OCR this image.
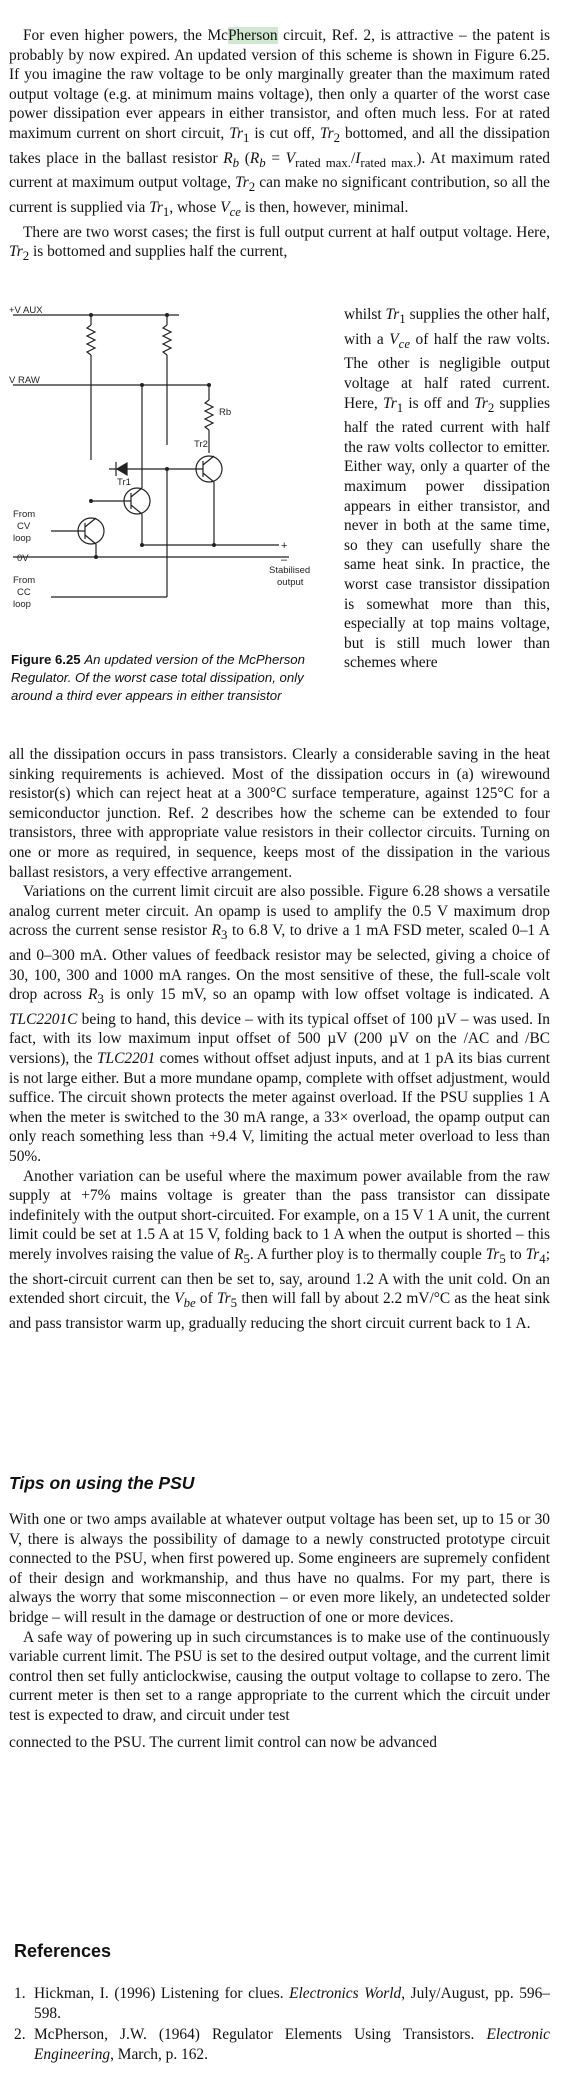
For even higher powers, the McPherson circuit, Ref. 2, is attractive – the patent is probably by now expired. An updated version of this scheme is shown in Figure 6.25. If you imagine the raw voltage to be only marginally greater than the maximum rated output voltage (e.g. at minimum mains voltage), then only a quarter of the worst case power dissipation ever appears in either transistor, and often much less. For at rated maximum current on short circuit, $Tr_1$ is cut off, $Tr_2$ bottomed, and all the dissipation takes place in the ballast resistor $R_b$ $(R_b = V_{rated max.}/I_{rated max.})$. At maximum rated current at maximum output voltage, $Tr_2$ can make no significant contribution, so all the current is supplied via $Tr_1$, whose $V_{ce}$ is then, however, minimal.

There are two worst cases; the first is full output current at half output voltage. Here, $Tr_2$ is bottomed and supplies half the current,

+V AUX
V RAW
Rb
Tr2
Tr1
From
CV
loop
+
–
Stabilised
output
0V
From
CC
loop
Figure 6.25 An updated version of the McPherson Regulator. Of the worst case total dissipation, only around a third ever appears in either transistor
whilst $Tr_1$ supplies the other half, with a $V_{ce}$ of half the raw volts. The other is negligible output voltage at half rated current. Here, $Tr_1$ is off and $Tr_2$ supplies half the rated current with half the raw volts collector to emitter. Either way, only a quarter of the maximum power dissipation appears in either transistor, and never in both at the same time, so they can usefully share the same heat sink. In practice, the worst case transistor dissipation is somewhat more than this, especially at top mains voltage, but is still much lower than schemes where

all the dissipation occurs in pass transistors. Clearly a considerable saving in the heat sinking requirements is achieved. Most of the dissipation occurs in (a) wirewound resistor(s) which can reject heat at a 300°C surface temperature, against 125°C for a semiconductor junction. Ref. 2 describes how the scheme can be extended to four transistors, three with appropriate value resistors in their collector circuits. Turning on one or more as required, in sequence, keeps most of the dissipation in the various ballast resistors, a very effective arrangement.

Variations on the current limit circuit are also possible. Figure 6.28 shows a versatile analog current meter circuit. An opamp is used to amplify the 0.5 V maximum drop across the current sense resistor $R_3$ to 6.8 V, to drive a 1 mA FSD meter, scaled 0–1 A and 0–300 mA. Other values of feedback resistor may be selected, giving a choice of 30, 100, 300 and 1000 mA ranges. On the most sensitive of these, the full-scale volt drop across $R_3$ is only 15 mV, so an opamp with low offset voltage is indicated. A TLC2201C being to hand, this device – with its typical offset of 100 µV – was used. In fact, with its low maximum input offset of 500 µV (200 µV on the /AC and /BC versions), the TLC2201 comes without offset adjust inputs, and at 1 pA its bias current is not large either. But a more mundane opamp, complete with offset adjustment, would suffice. The circuit shown protects the meter against overload. If the PSU supplies 1 A when the meter is switched to the 30 mA range, a 33× overload, the opamp output can only reach something less than +9.4 V, limiting the actual meter overload to less than 50%.

Another variation can be useful where the maximum power available from the raw supply at +7% mains voltage is greater than the pass transistor can dissipate indefinitely with the output short-circuited. For example, on a 15 V 1 A unit, the current limit could be set at 1.5 A at 15 V, folding back to 1 A when the output is shorted – this merely involves raising the value of $R_5$. A further ploy is to thermally couple $Tr_5$ to $Tr_4$; the short-circuit current can then be set to, say, around 1.2 A with the unit cold. On an extended short circuit, the $V_{be}$ of $Tr_5$ then will fall by about 2.2 mV/°C as the heat sink and pass transistor warm up, gradually reducing the short circuit current back to 1 A.

Tips on using the PSU

With one or two amps available at whatever output voltage has been set, up to 15 or 30 V, there is always the possibility of damage to a newly constructed prototype circuit connected to the PSU, when first powered up. Some engineers are supremely confident of their design and workmanship, and thus have no qualms. For my part, there is always the worry that some misconnection – or even more likely, an undetected solder bridge – will result in the damage or destruction of one or more devices.

A safe way of powering up in such circumstances is to make use of the continuously variable current limit. The PSU is set to the desired output voltage, and the current limit control then set fully anticlockwise, causing the output voltage to collapse to zero. The current meter is then set to a range appropriate to the current which the circuit under test is expected to draw, and circuit under test

connected to the PSU. The current limit control can now be advanced
References
1. Hickman, I. (1996) Listening for clues. Electronics World, July/August, pp. 596–598.
2. McPherson, J.W. (1964) Regulator Elements Using Transistors. Electronic Engineering, March, p. 162.
